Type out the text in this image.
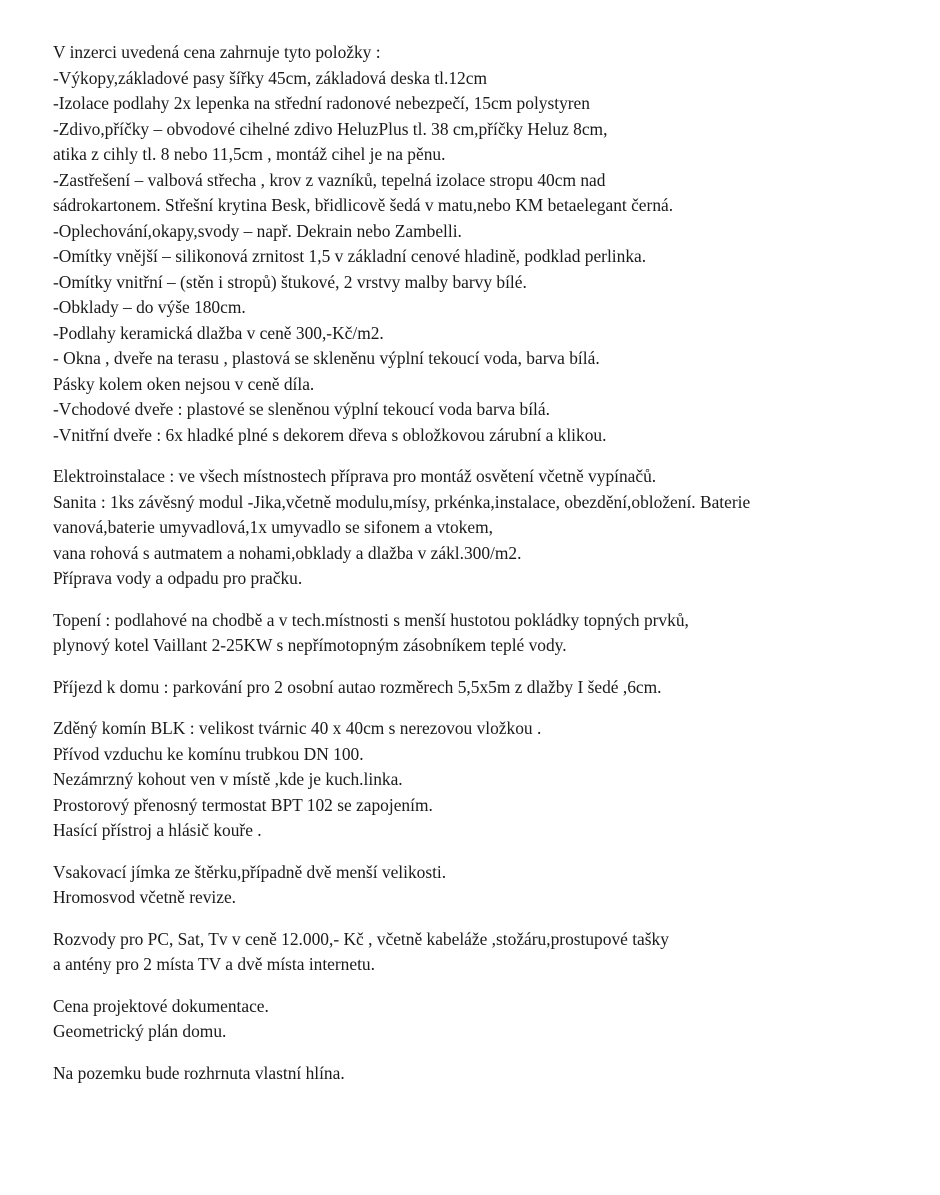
V inzerci uvedená cena zahrnuje tyto položky :
-Výkopy,základové pasy šířky 45cm, základová deska tl.12cm
-Izolace podlahy 2x lepenka na střední radonové nebezpečí, 15cm polystyren
-Zdivo,příčky – obvodové cihelné zdivo HeluzPlus tl. 38 cm,příčky Heluz 8cm,
atika z cihly tl. 8 nebo 11,5cm , montáž cihel je na pěnu.
-Zastřešení – valbová střecha , krov z vazníků, tepelná izolace stropu 40cm nad
sádrokartonem. Střešní krytina Besk, břidlicově šedá v matu,nebo KM betaelegant černá.
-Oplechování,okapy,svody – např. Dekrain nebo Zambelli.
-Omítky vnější – silikonová zrnitost 1,5 v základní cenové hladině, podklad perlinka.
-Omítky vnitřní – (stěn i stropů) štukové, 2 vrstvy malby barvy bílé.
-Obklady – do výše 180cm.
-Podlahy keramická dlažba v ceně 300,-Kč/m2.
- Okna , dveře na terasu , plastová se skleněnu výplní tekoucí voda, barva bílá.
Pásky kolem oken nejsou v ceně díla.
-Vchodové dveře : plastové se sleněnou výplní tekoucí voda barva bílá.
-Vnitřní dveře : 6x hladké plné s dekorem dřeva s obložkovou zárubní a klikou.
Elektroinstalace : ve všech místnostech příprava pro montáž osvětení včetně vypínačů.
Sanita : 1ks závěsný modul -Jika,včetně modulu,mísy, prkénka,instalace, obezdění,obložení. Baterie
vanová,baterie umyvadlová,1x umyvadlo se sifonem a vtokem,
vana rohová s autmatem a nohami,obklady a dlažba v zákl.300/m2.
Příprava vody a odpadu pro pračku.
Topení : podlahové na chodbě a v tech.místnosti s menší hustotou pokládky topných prvků,
plynový kotel Vaillant 2-25KW s nepřímotopným zásobníkem teplé vody.
Příjezd k domu : parkování pro 2 osobní autao rozměrech 5,5x5m z dlažby I šedé ,6cm.
Zděný komín BLK : velikost tvárnic 40 x 40cm s nerezovou vložkou .
Přívod vzduchu ke komínu trubkou DN 100.
Nezámrzný kohout ven v místě ,kde je kuch.linka.
Prostorový přenosný termostat BPT 102 se zapojením.
Hasící přístroj a hlásič kouře .
Vsakovací jímka ze štěrku,případně dvě menší velikosti.
Hromosvod včetně revize.
Rozvody pro PC, Sat, Tv v ceně 12.000,- Kč , včetně kabeláže ,stožáru,prostupové tašky
a antény pro 2 místa TV a dvě místa internetu.
Cena projektové dokumentace.
Geometrický plán domu.
Na pozemku bude rozhrnuta vlastní hlína.
